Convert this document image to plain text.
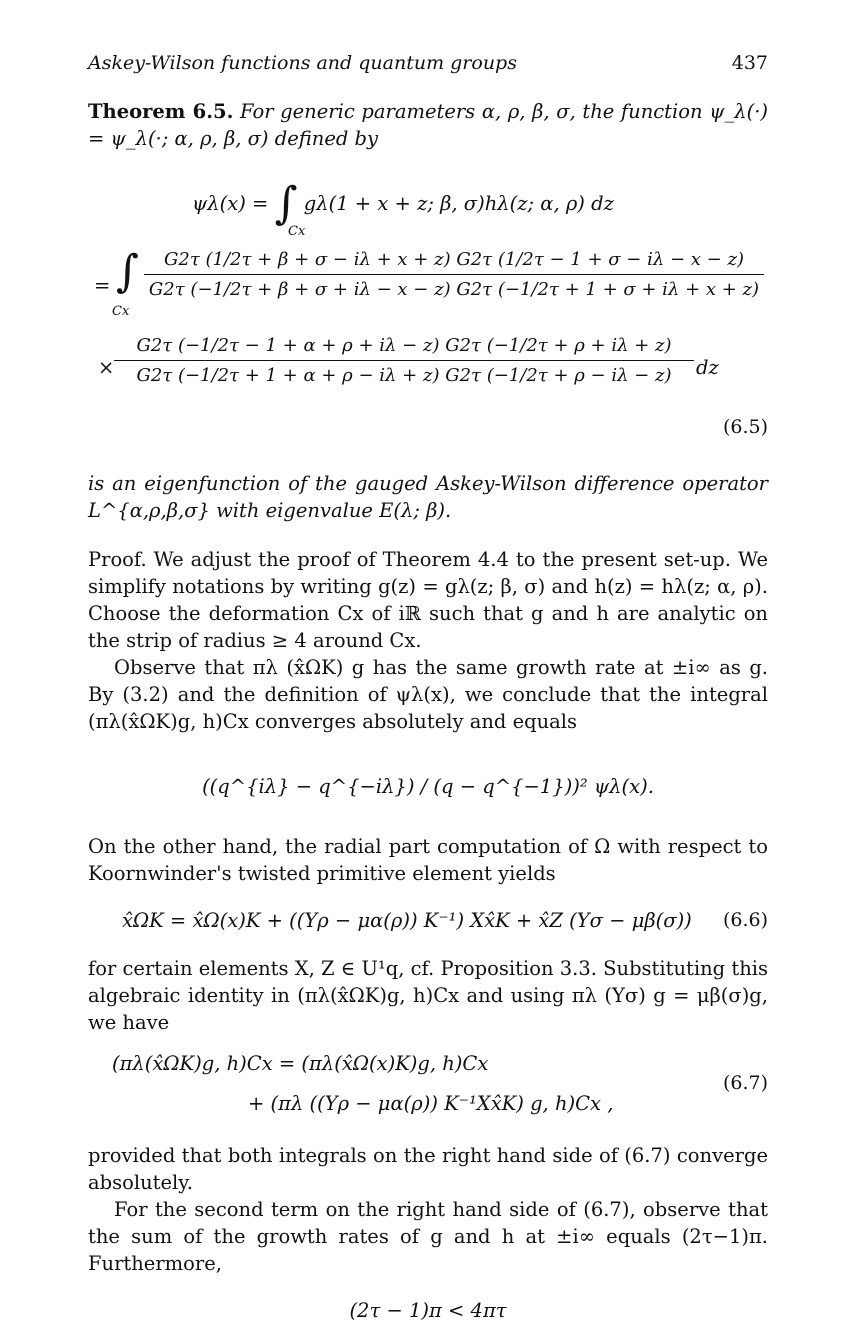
Askey-Wilson functions and quantum groups	437

Theorem 6.5. For generic parameters α, ρ, β, σ, the function ψ_λ(·) = ψ_λ(·; α, ρ, β, σ) defined by

ψλ(x) = ∫ gλ(1 + x + z; β, σ)hλ(z; α, ρ) dz
Cx
= ∫
Cx
G2τ (1/2τ + β + σ − iλ + x + z) G2τ (1/2τ − 1 + σ − iλ − x − z)
G2τ (−1/2τ + β + σ + iλ − x − z) G2τ (−1/2τ + 1 + σ + iλ + x + z)
× $\frac{G2\tau (-1/2\tau - 1 + \alpha + \rho + i\lambda - z) G2\tau (-1/2\tau + \rho + i\lambda + z)}{G2\tau (-1/2\tau + 1 + \alpha + \rho - i\lambda + z) G2\tau (-1/2\tau + \rho - i\lambda - z)}$ dz
(6.5)

is an eigenfunction of the gauged Askey-Wilson difference operator L^{α,ρ,β,σ} with eigenvalue E(λ; β).

Proof. We adjust the proof of Theorem 4.4 to the present set-up. We simplify notations by writing g(z) = gλ(z; β, σ) and h(z) = hλ(z; α, ρ). Choose the deformation Cx of iℝ such that g and h are analytic on the strip of radius ≥ 4 around Cx.

Observe that πλ (x̂ΩK) g has the same growth rate at ±i∞ as g. By (3.2) and the definition of ψλ(x), we conclude that the integral (πλ(x̂ΩK)g, h)Cx converges absolutely and equals

((q^{iλ} − q^{−iλ}) / (q − q^{−1}))² ψλ(x).

On the other hand, the radial part computation of Ω with respect to Koornwinder's twisted primitive element yields

x̂ΩK = x̂Ω(x)K + ((Yρ − μα(ρ)) K⁻¹) Xx̂K + x̂Z (Yσ − μβ(σ)) (6.6)

for certain elements X, Z ∈ U¹q, cf. Proposition 3.3. Substituting this algebraic identity in (πλ(x̂ΩK)g, h)Cx and using πλ (Yσ) g = μβ(σ)g, we have

(πλ(x̂ΩK)g, h)Cx = (πλ(x̂Ω(x)K)g, h)Cx
+ (πλ ((Yρ − μα(ρ)) K⁻¹Xx̂K) g, h)Cx ,
(6.7)

provided that both integrals on the right hand side of (6.7) converge absolutely.

For the second term on the right hand side of (6.7), observe that the sum of the growth rates of g and h at ±i∞ equals (2τ−1)π. Furthermore,

(2τ − 1)π < 4πτ
